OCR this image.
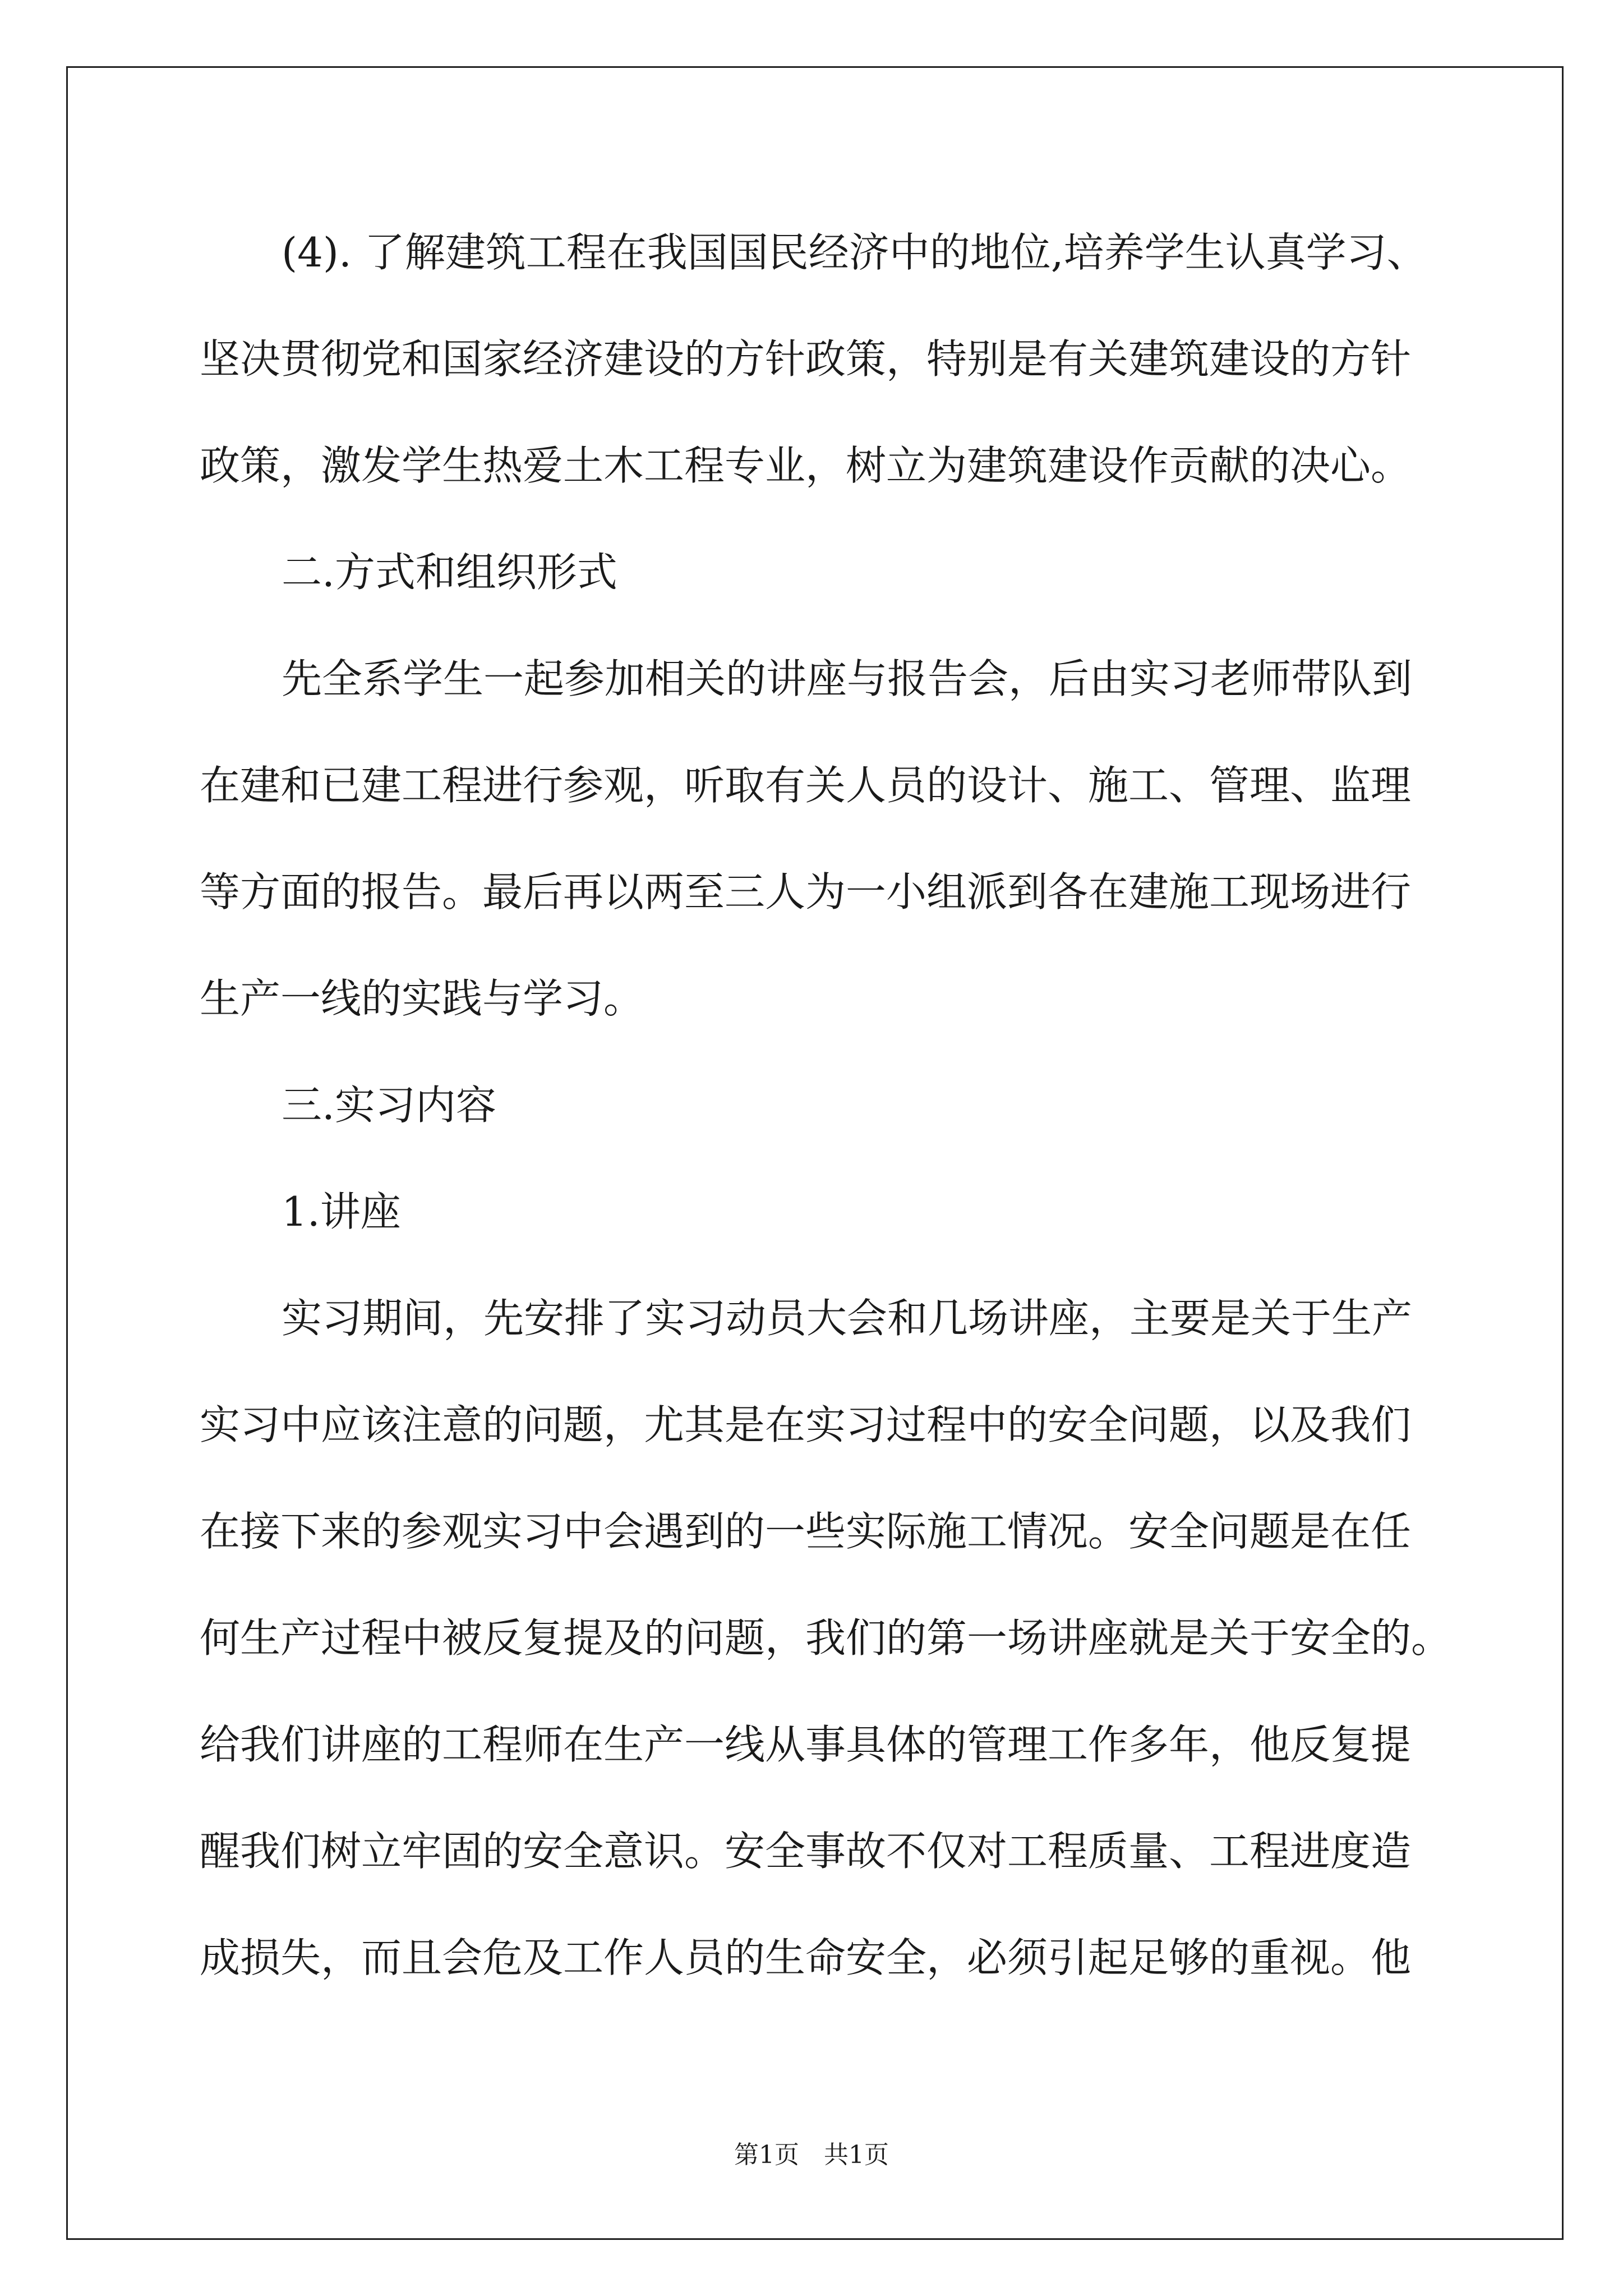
(4). 了解建筑工程在我国国民经济中的地位,培养学生认真学习、
坚决贯彻党和国家经济建设的方针政策，特别是有关建筑建设的方针
政策，激发学生热爱土木工程专业，树立为建筑建设作贡献的决心。
二.方式和组织形式
先全系学生一起参加相关的讲座与报告会，后由实习老师带队到
在建和已建工程进行参观，听取有关人员的设计、施工、管理、监理
等方面的报告。最后再以两至三人为一小组派到各在建施工现场进行
生产一线的实践与学习。
三.实习内容
1.讲座
实习期间，先安排了实习动员大会和几场讲座，主要是关于生产
实习中应该注意的问题，尤其是在实习过程中的安全问题，以及我们
在接下来的参观实习中会遇到的一些实际施工情况。安全问题是在任
何生产过程中被反复提及的问题，我们的第一场讲座就是关于安全的。
给我们讲座的工程师在生产一线从事具体的管理工作多年，他反复提
醒我们树立牢固的安全意识。安全事故不仅对工程质量、工程进度造
成损失，而且会危及工作人员的生命安全，必须引起足够的重视。他
第1页 共1页
